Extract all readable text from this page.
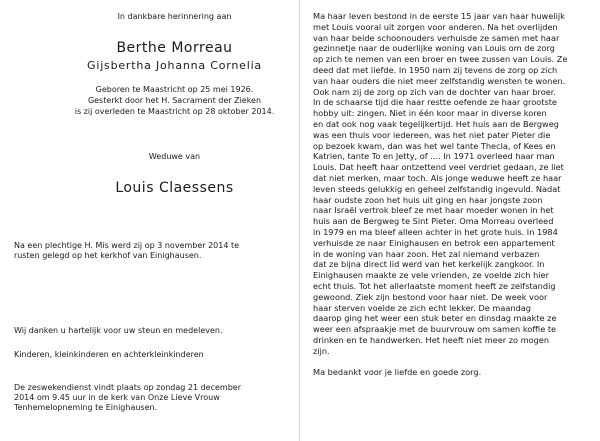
In dankbare herinnering aan
Berthe Morreau
Gijsbertha Johanna Cornelia
Geboren te Maastricht op 25 mei 1926.
Gesterkt door het H. Sacrament der Zieken
is zij overleden te Maastricht op 28 oktober 2014.
Weduwe van
Louis Claessens
Na een plechtige H. Mis werd zij op 3 november 2014 te
rusten gelegd op het kerkhof van Einighausen.
Wij danken u hartelijk voor uw steun en medeleven.
Kinderen, kleinkinderen en achterkleinkinderen
De zeswekendienst vindt plaats op zondag 21 december
2014 om 9.45 uur in de kerk van Onze Lieve Vrouw
Tenhemelopneming te Einighausen.
Ma haar leven bestond in de eerste 15 jaar van haar huwelijk
met Louis vooral uit zorgen voor anderen. Na het overlijden
van haar beide schoonouders verhuisde ze samen met haar
gezinnetje naar de ouderlijke woning van Louis om de zorg
op zich te nemen van een broer en twee zussen van Louis. Ze
deed dat met liefde. In 1950 nam zij tevens de zorg op zich
van haar ouders die niet meer zelfstandig wensten te wonen.
Ook nam zij de zorg op zich van de dochter van haar broer.
In de schaarse tijd die haar restte oefende ze haar grootste
hobby uit: zingen. Niet in één koor maar in diverse koren
en dat ook nog vaak tegelijkertijd. Het huis aan de Bergweg
was een thuis voor iedereen, was het niet pater Pieter die
op bezoek kwam, dan was het wel tante Thecla, of Kees en
Katrien, tante To en Jetty, of .... In 1971 overleed haar man
Louis. Dat heeft haar ontzettend veel verdriet gedaan, ze liet
dat niet merken, maar toch. Als jonge weduwe heeft ze haar
leven steeds gelukkig en geheel zelfstandig ingevuld. Nadat
haar oudste zoon het huis uit ging en haar jongste zoon
naar Israël vertrok bleef ze met haar moeder wonen in het
huis aan de Bergweg te Sint Pieter. Oma Morreau overleed
in 1979 en ma bleef alleen achter in het grote huis. In 1984
verhuisde ze naar Einighausen en betrok een appartement
in de woning van haar zoon. Het zal niemand verbazen
dat ze bijna direct lid werd van het kerkelijk zangkoor. In
Einighausen maakte ze vele vrienden, ze voelde zich hier
echt thuis. Tot het allerlaatste moment heeft ze zelfstandig
gewoond. Ziek zijn bestond voor haar niet. De week voor
haar sterven voelde ze zich echt lekker. De maandag
daarop ging het weer een stuk beter en dinsdag maakte ze
weer een afspraakje met de buurvrouw om samen koffie te
drinken en te handwerken. Het heeft niet meer zo mogen
zijn.
Ma bedankt voor je liefde en goede zorg.
